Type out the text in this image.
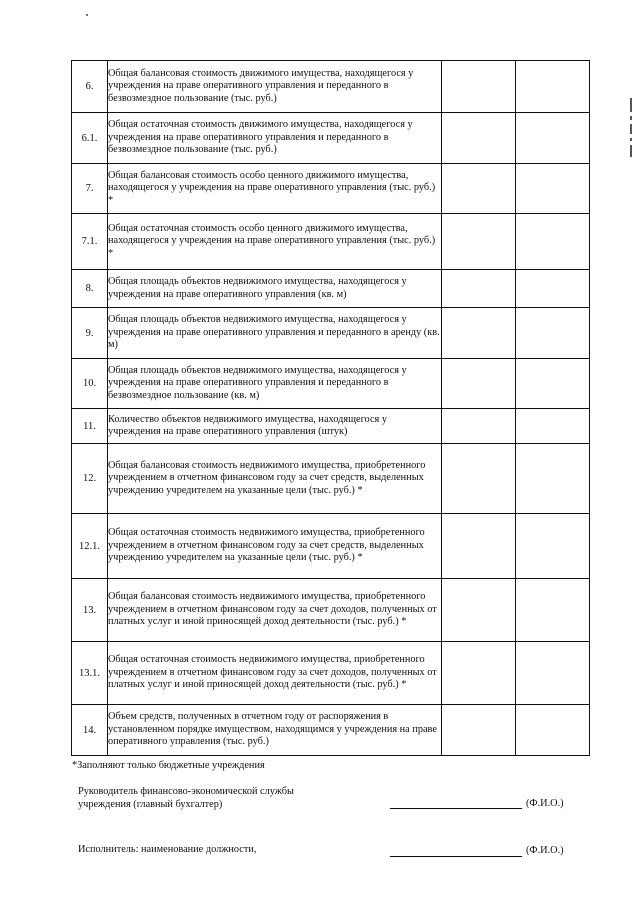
6.	Общая балансовая стоимость движимого имущества, находящегося у учреждения на праве оперативного управления и переданного в безвозмездное пользование (тыс. руб.)		
6.1.	Общая остаточная стоимость движимого имущества, находящегося у учреждения на праве оперативного управления и переданного в безвозмездное пользование (тыс. руб.)		
7.	Общая балансовая стоимость особо ценного движимого имущества, находящегося у учреждения на праве оперативного управления (тыс. руб.) *		
7.1.	Общая остаточная стоимость особо ценного движимого имущества, находящегося у учреждения на праве оперативного управления (тыс. руб.) *		
8.	Общая площадь объектов недвижимого имущества, находящегося у учреждения на праве оперативного управления (кв. м)		
9.	Общая площадь объектов недвижимого имущества, находящегося у учреждения на праве оперативного управления и переданного в аренду (кв. м)		
10.	Общая площадь объектов недвижимого имущества, находящегося у учреждения на праве оперативного управления и переданного в безвозмездное пользование (кв. м)		
11.	Количество объектов недвижимого имущества, находящегося у учреждения на праве оперативного управления (штук)		
12.	Общая балансовая стоимость недвижимого имущества, приобретенного учреждением в отчетном финансовом году за счет средств, выделенных учреждению учредителем на указанные цели (тыс. руб.) *		
12.1.	Общая остаточная стоимость недвижимого имущества, приобретенного учреждением в отчетном финансовом году за счет средств, выделенных учреждению учредителем на указанные цели (тыс. руб.) *		
13.	Общая балансовая стоимость недвижимого имущества, приобретенного учреждением в отчетном финансовом году за счет доходов, полученных от платных услуг и иной приносящей доход деятельности (тыс. руб.) *		
13.1.	Общая остаточная стоимость недвижимого имущества, приобретенного учреждением в отчетном финансовом году за счет доходов, полученных от платных услуг и иной приносящей доход деятельности (тыс. руб.) *		
14.	Объем средств, полученных в отчетном году от распоряжения в установленном порядке имуществом, находящимся у учреждения на праве оперативного управления (тыс. руб.)		
*Заполняют только бюджетные учреждения
Руководитель финансово-экономической службы
учреждения (главный бухгалтер)	(Ф.И.О.)
Исполнитель: наименование должности,	(Ф.И.О.)
